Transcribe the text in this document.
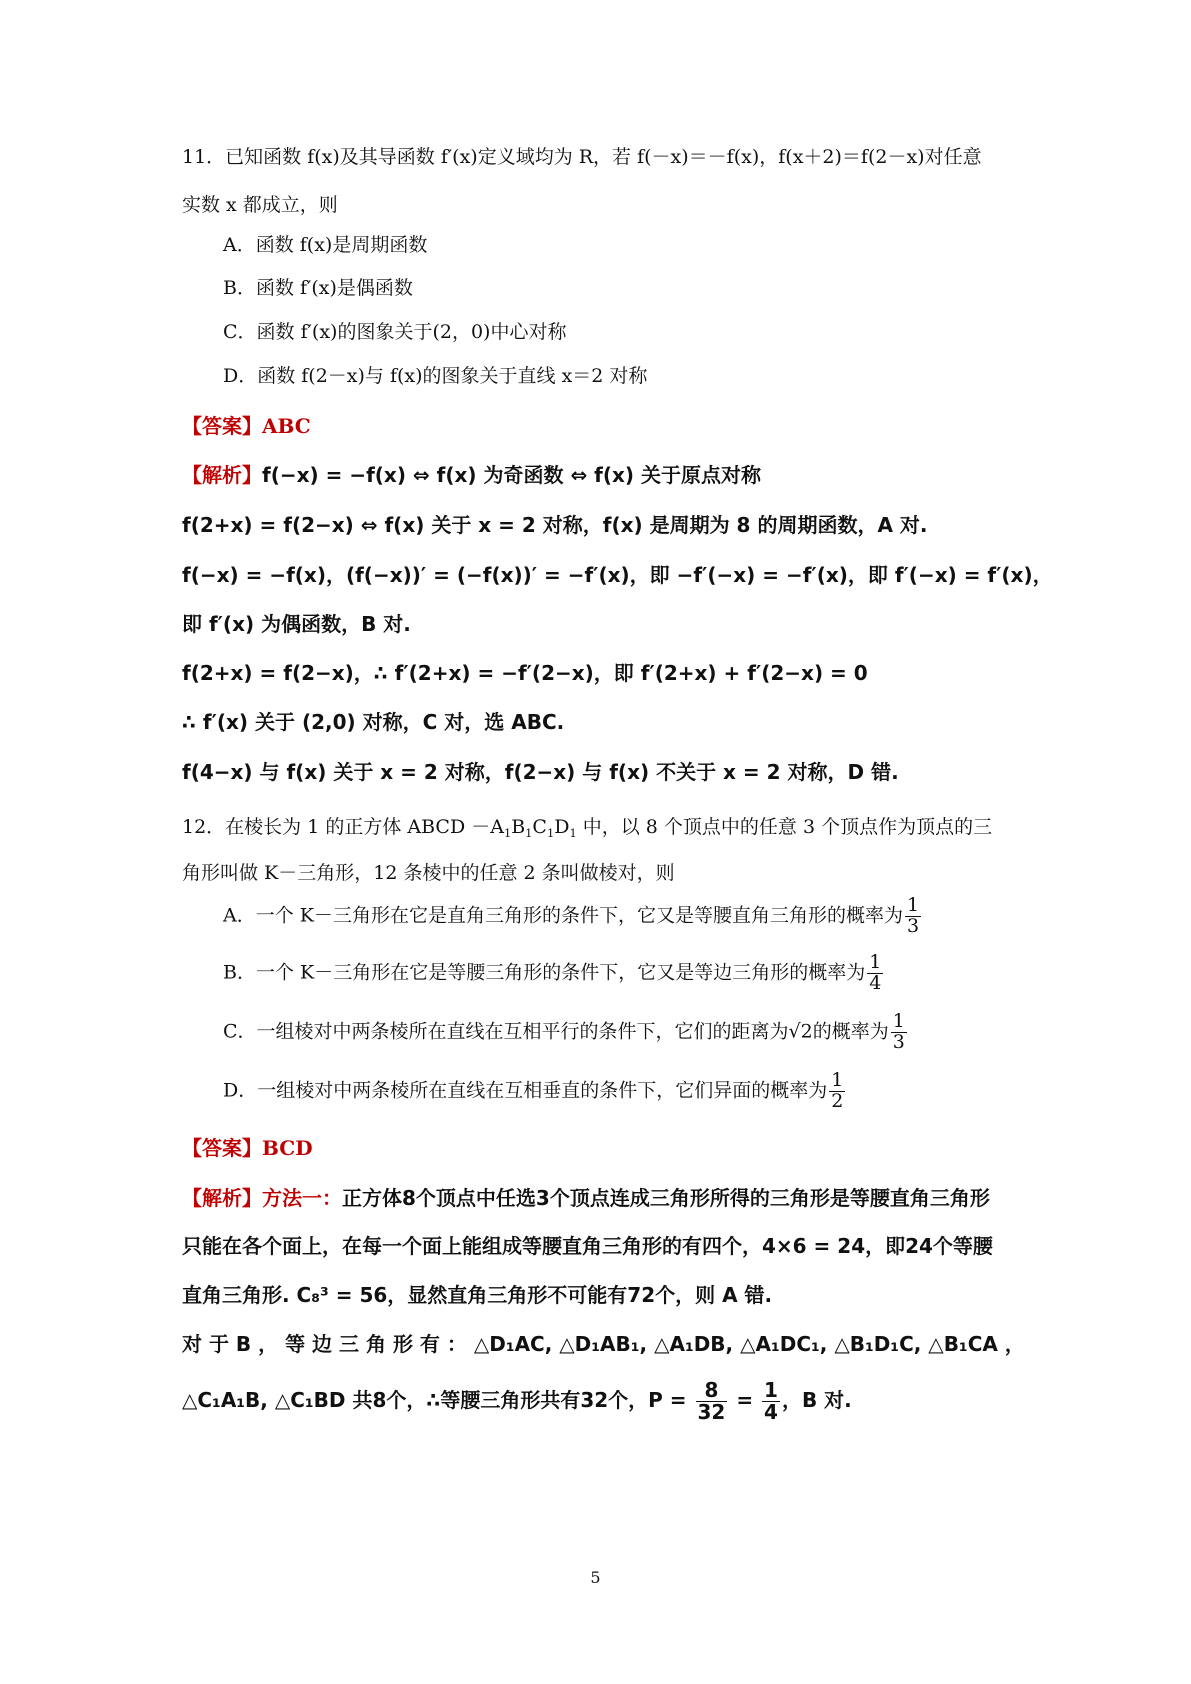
11．已知函数 f(x)及其导函数 f′(x)定义域均为 R，若 f(－x)＝－f(x)，f(x＋2)＝f(2－x)对任意
实数 x 都成立，则
A．函数 f(x)是周期函数
B．函数 f′(x)是偶函数
C．函数 f′(x)的图象关于(2，0)中心对称
D．函数 f(2－x)与 f(x)的图象关于直线 x＝2 对称
【答案】ABC
【解析】f(−x) = −f(x) ⇔ f(x) 为奇函数 ⇔ f(x) 关于原点对称
f(2+x) = f(2−x) ⇔ f(x) 关于 x = 2 对称，f(x) 是周期为 8 的周期函数，A 对.
f(−x) = −f(x)，(f(−x))′ = (−f(x))′ = −f′(x)，即 −f′(−x) = −f′(x)，即 f′(−x) = f′(x)，
即 f′(x) 为偶函数，B 对.
f(2+x) = f(2−x)，∴ f′(2+x) = −f′(2−x)，即 f′(2+x) + f′(2−x) = 0
∴ f′(x) 关于 (2,0) 对称，C 对，选 ABC.
f(4−x) 与 f(x) 关于 x = 2 对称，f(2−x) 与 f(x) 不关于 x = 2 对称，D 错.
12．在棱长为 1 的正方体 ABCD $-A_1B_1C_1D_1$ 中，以 8 个顶点中的任意 3 个顶点作为顶点的三
角形叫做 K－三角形，12 条棱中的任意 2 条叫做棱对，则
A．一个 K－三角形在它是直角三角形的条件下，它又是等腰直角三角形的概率为 $\frac{1}{3}$
B．一个 K－三角形在它是等腰三角形的条件下，它又是等边三角形的概率为 $\frac{1}{4}$
C．一组棱对中两条棱所在直线在互相平行的条件下，它们的距离为√2的概率为 $\frac{1}{3}$
D．一组棱对中两条棱所在直线在互相垂直的条件下，它们异面的概率为 $\frac{1}{2}$
【答案】BCD
【解析】方法一：正方体8个顶点中任选3个顶点连成三角形所得的三角形是等腰直角三角形
只能在各个面上，在每一个面上能组成等腰直角三角形的有四个，4×6 = 24，即24个等腰
直角三角形. C₈³ = 56，显然直角三角形不可能有72个，则 A 错.
对 于 B ， 等 边 三 角 形 有 ： △D₁AC, △D₁AB₁, △A₁DB, △A₁DC₁, △B₁D₁C, △B₁CA ，
△C₁A₁B, △C₁BD 共8个，∴等腰三角形共有32个，$P = \frac{8}{32} = \frac{1}{4}$ ，B 对.
5
